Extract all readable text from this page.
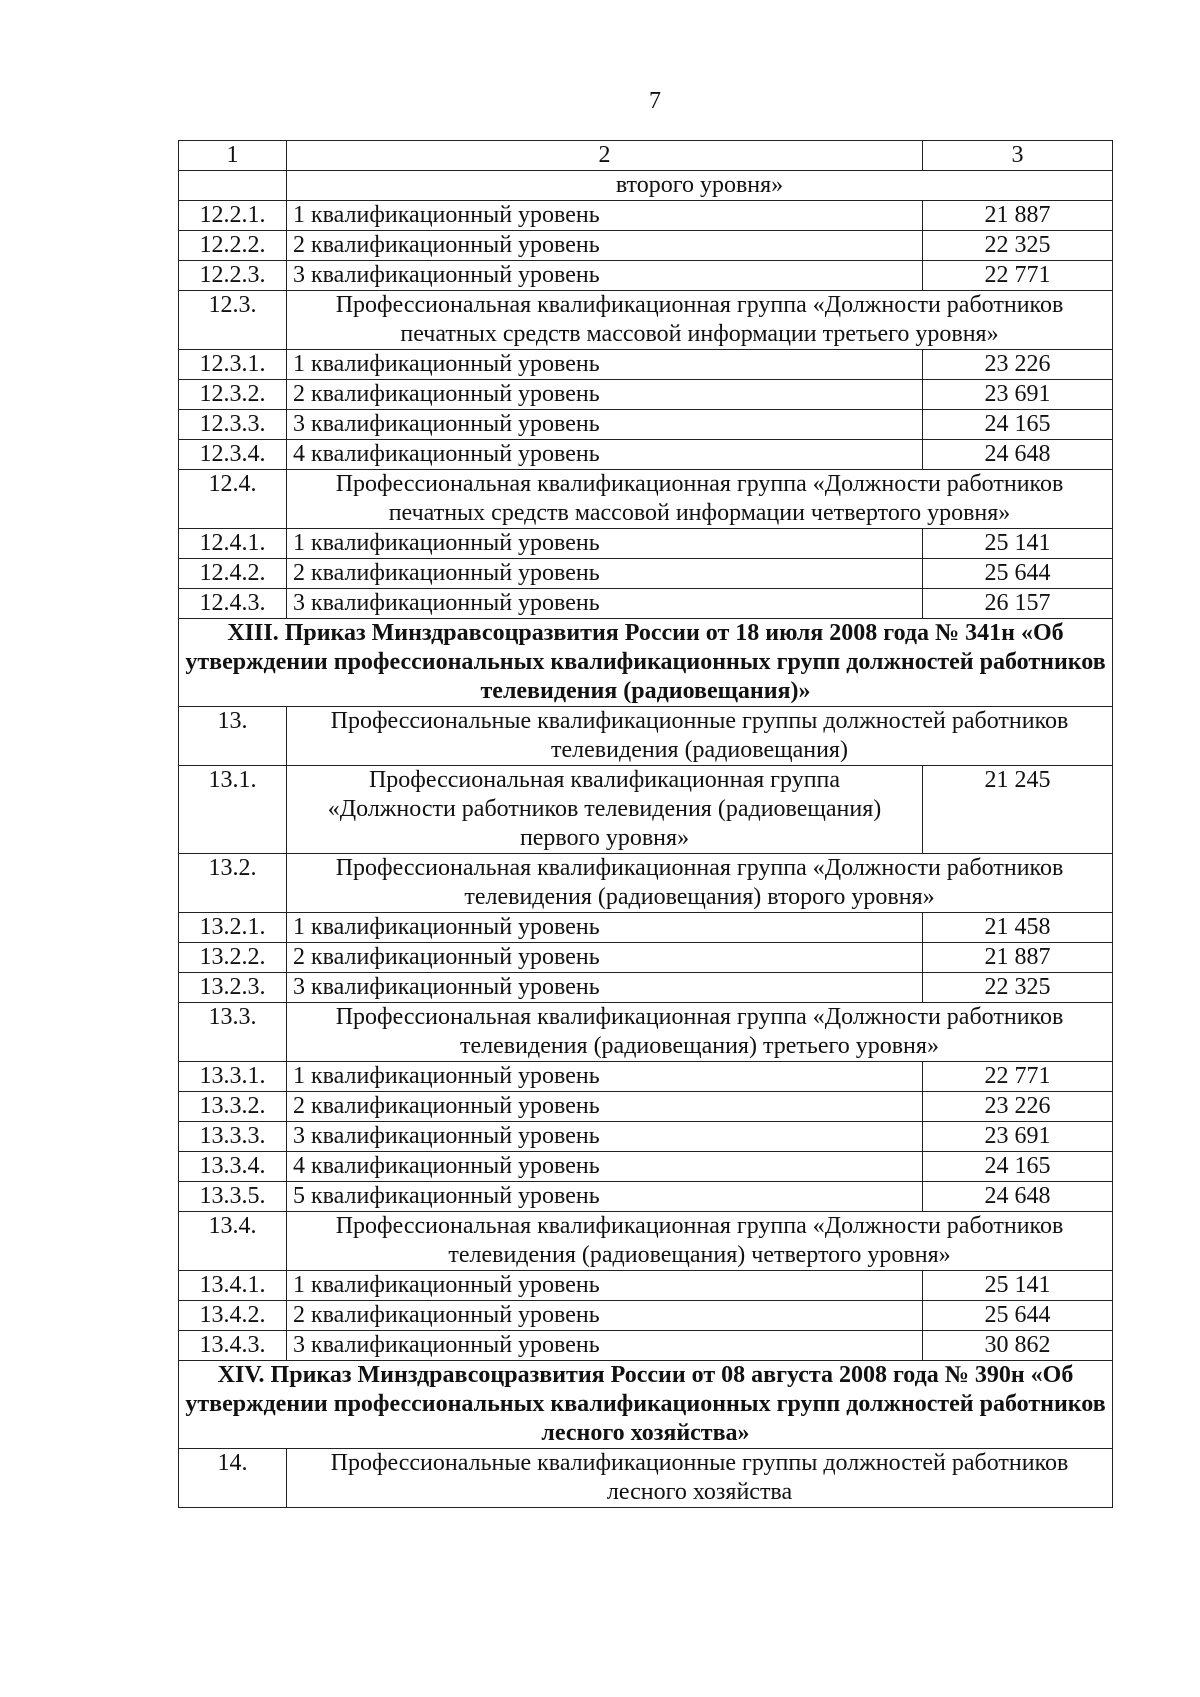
7
1	2	3
	второго уровня»	
12.2.1.	1 квалификационный уровень	21 887
12.2.2.	2 квалификационный уровень	22 325
12.2.3.	3 квалификационный уровень	22 771
12.3.	Профессиональная квалификационная группа «Должности работников печатных средств массовой информации третьего уровня»	
12.3.1.	1 квалификационный уровень	23 226
12.3.2.	2 квалификационный уровень	23 691
12.3.3.	3 квалификационный уровень	24 165
12.3.4.	4 квалификационный уровень	24 648
12.4.	Профессиональная квалификационная группа «Должности работников печатных средств массовой информации четвертого уровня»	
12.4.1.	1 квалификационный уровень	25 141
12.4.2.	2 квалификационный уровень	25 644
12.4.3.	3 квалификационный уровень	26 157
XIII. Приказ Минздравсоцразвития России от 18 июля 2008 года № 341н «Об утверждении профессиональных квалификационных групп должностей работников телевидения (радиовещания)»		
13.	Профессиональные квалификационные группы должностей работников телевидения (радиовещания)	
13.1.	Профессиональная квалификационная группа «Должности работников телевидения (радиовещания) первого уровня»	21 245
13.2.	Профессиональная квалификационная группа «Должности работников телевидения (радиовещания) второго уровня»	
13.2.1.	1 квалификационный уровень	21 458
13.2.2.	2 квалификационный уровень	21 887
13.2.3.	3 квалификационный уровень	22 325
13.3.	Профессиональная квалификационная группа «Должности работников телевидения (радиовещания) третьего уровня»	
13.3.1.	1 квалификационный уровень	22 771
13.3.2.	2 квалификационный уровень	23 226
13.3.3.	3 квалификационный уровень	23 691
13.3.4.	4 квалификационный уровень	24 165
13.3.5.	5 квалификационный уровень	24 648
13.4.	Профессиональная квалификационная группа «Должности работников телевидения (радиовещания) четвертого уровня»	
13.4.1.	1 квалификационный уровень	25 141
13.4.2.	2 квалификационный уровень	25 644
13.4.3.	3 квалификационный уровень	30 862
XIV. Приказ Минздравсоцразвития России от 08 августа 2008 года № 390н «Об утверждении профессиональных квалификационных групп должностей работников лесного хозяйства»		
14.	Профессиональные квалификационные группы должностей работников лесного хозяйства	
